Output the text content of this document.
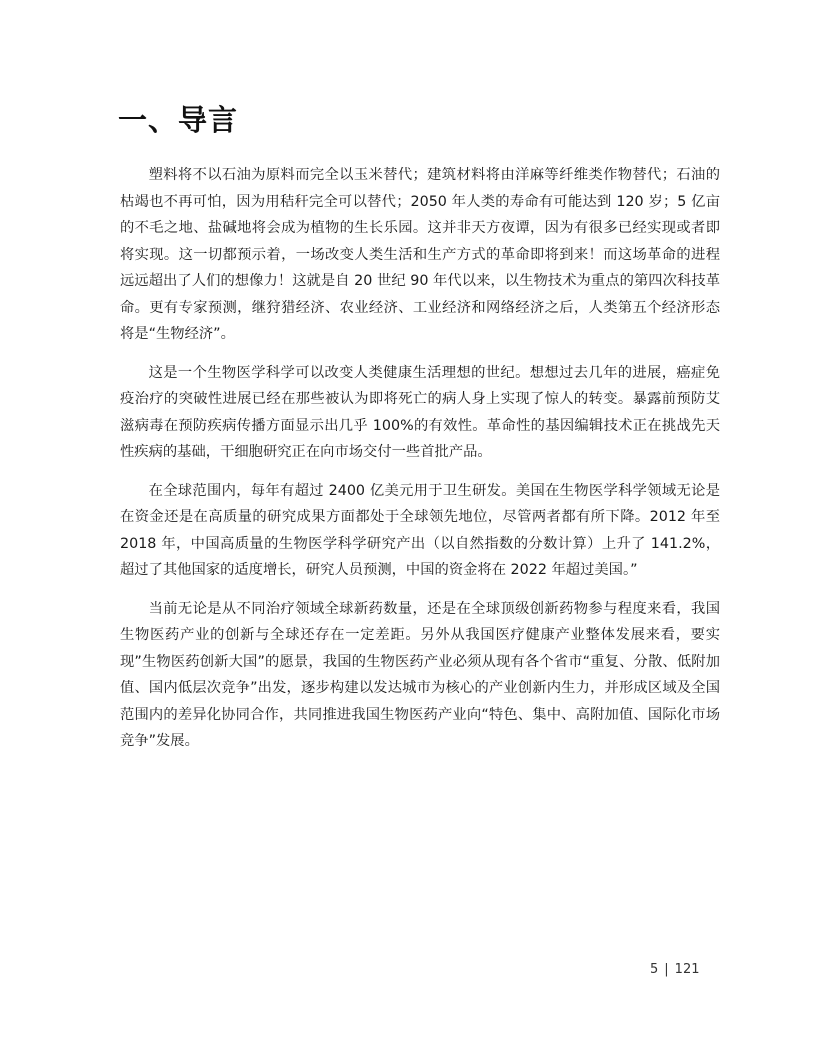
一、导言

塑料将不以石油为原料而完全以玉米替代；建筑材料将由洋麻等纤维类作物替代；石油的枯竭也不再可怕，因为用秸秆完全可以替代；2050 年人类的寿命有可能达到 120 岁；5 亿亩的不毛之地、盐碱地将会成为植物的生长乐园。这并非天方夜谭，因为有很多已经实现或者即将实现。这一切都预示着，一场改变人类生活和生产方式的革命即将到来！而这场革命的进程远远超出了人们的想像力！这就是自 20 世纪 90 年代以来，以生物技术为重点的第四次科技革命。更有专家预测，继狩猎经济、农业经济、工业经济和网络经济之后，人类第五个经济形态将是“生物经济”。

这是一个生物医学科学可以改变人类健康生活理想的世纪。想想过去几年的进展，癌症免疫治疗的突破性进展已经在那些被认为即将死亡的病人身上实现了惊人的转变。暴露前预防艾滋病毒在预防疾病传播方面显示出几乎 100%的有效性。革命性的基因编辑技术正在挑战先天性疾病的基础，干细胞研究正在向市场交付一些首批产品。

在全球范围内，每年有超过 2400 亿美元用于卫生研发。美国在生物医学科学领域无论是在资金还是在高质量的研究成果方面都处于全球领先地位，尽管两者都有所下降。2012 年至 2018 年，中国高质量的生物医学科学研究产出（以自然指数的分数计算）上升了 141.2%，超过了其他国家的适度增长，研究人员预测，中国的资金将在 2022 年超过美国。”

当前无论是从不同治疗领域全球新药数量，还是在全球顶级创新药物参与程度来看，我国生物医药产业的创新与全球还存在一定差距。另外从我国医疗健康产业整体发展来看，要实现”生物医药创新大国”的愿景，我国的生物医药产业必须从现有各个省市“重复、分散、低附加值、国内低层次竞争”出发，逐步构建以发达城市为核心的产业创新内生力，并形成区域及全国范围内的差异化协同合作，共同推进我国生物医药产业向“特色、集中、高附加值、国际化市场竞争”发展。

5 | 121
